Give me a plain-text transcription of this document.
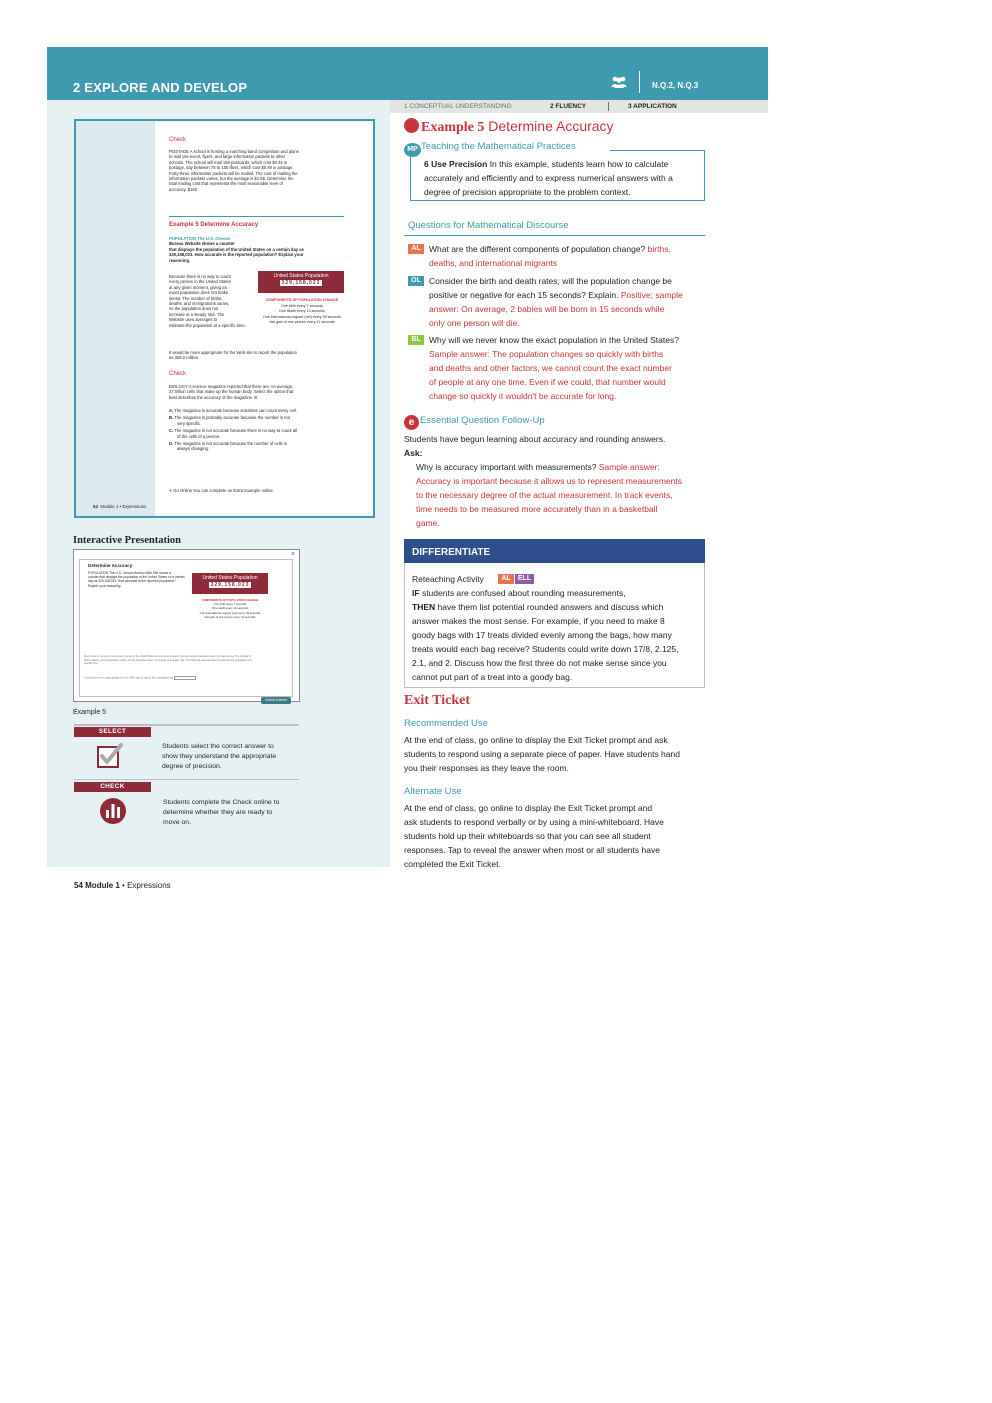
2 EXPLORE AND DEVELOP	N.Q.2, N.Q.3
1 CONCEPTUAL UNDERSTANDING	2 FLUENCY	3 APPLICATION
Check
POSTAGE A school is hosting a marching band competition and plans
to mail pre-event, flyers, and large information packets to other
schools. The school will mail 150 postcards, which cost $0.34 in
postage, say between 75 to 100 fliers, which cost $0.49 in postage.
Forty-three information packets will be mailed. The cost of mailing the
information packets varies, but the average is $1.55. Determine the
total mailing cost that represents the most reasonable level of
accuracy. $160
Example 5 Determine Accuracy
POPULATION The U.S. Census
Bureau Website shows a counter
that displays the population of the United States on a certain day as
329,158,023. How accurate is the reported population? Explain your
reasoning.
Because there is no way to count
every person in the United States
at any given moment, giving an
exact population does not make
sense. The number of births,
deaths, and immigrations varies,
so the population does not
increase at a steady rate. The
Website uses averages to
estimate the population at a specific time.
United States Population
329,158,023
COMPONENTS OF POPULATION CHANGE
One birth every 7 seconds
One death every 13 seconds
One international migrant (net) every 39 seconds
Net gain of one person every 11 seconds
It would be more appropriate for the Web site to report the population
as 329.2 million.
Check
BIOLOGY A science magazine reported that there are, on average,
37 trillion cells that make up the human body. Select the option that
best describes the accuracy of the magazine. B
A. The magazine is accurate because scientists can count every cell.
B. The magazine is probably accurate because the number is not
very specific.
C. The magazine is not accurate because there is no way to count all
of the cells of a person.
D. The magazine is not accurate because the number of cells is
always changing.
● Go Online You can complete an Extra Example online.
54 Module 1 • Expressions
Interactive Presentation
×
Determine Accuracy
POPULATION The U.S. Census Bureau Web Site shows a
counter that displays the population of the United States on a certain
day as 329,158,023. How accurate is the reported population?
Explain your reasoning.
United States Population
329,158,023
COMPONENTS OF POPULATION CHANGE
One birth every 7 seconds
One death every 13 seconds
One international migrant (net) every 39 seconds
Net gain of one person every 11 seconds
Since there is no way to count every person in the United States at any given moment, giving an exact population does not make sense. The number of
births, deaths, and immigrations varies, so the population does not change at a steady rate. The Web site uses averages to estimate the population at a
specific time.
It would be more appropriate for the Web site to report the population as
Check Answer
Example 5
SELECT
Students select the correct answer to
show they understand the appropriate
degree of precision.
CHECK
Students complete the Check online to
determine whether they are ready to
move on.
54 Module 1 • Expressions
Example 5 Determine Accuracy
MP Teaching the Mathematical Practices
6 Use Precision In this example, students learn how to calculate
accurately and efficiently and to express numerical answers with a
degree of precision appropriate to the problem context.
Questions for Mathematical Discourse
AL What are the different components of population change? births,
deaths, and international migrants
OL Consider the birth and death rates; will the population change be
positive or negative for each 15 seconds? Explain. Positive; sample
answer: On average, 2 babies will be born in 15 seconds while
only one person will die.
BL Why will we never know the exact population in the United States?
Sample answer: The population changes so quickly with births
and deaths and other factors, we cannot count the exact number
of people at any one time. Even if we could, that number would
change so quickly it wouldn't be accurate for long.
e Essential Question Follow-Up
Students have begun learning about accuracy and rounding answers.
Ask:
Why is accuracy important with measurements? Sample answer:
Accuracy is important because it allows us to represent measurements
to the necessary degree of the actual measurement. In track events,
time needs to be measured more accurately than in a basketball
game.
DIFFERENTIATE
Reteaching Activity	AL	ELL
IF students are confused about rounding measurements,
THEN have them list potential rounded answers and discuss which
answer makes the most sense. For example, if you need to make 8
goody bags with 17 treats divided evenly among the bags, how many
treats would each bag receive? Students could write down 17/8, 2.125,
2.1, and 2. Discuss how the first three do not make sense since you
cannot put part of a treat into a goody bag.
Exit Ticket
Recommended Use
At the end of class, go online to display the Exit Ticket prompt and ask
students to respond using a separate piece of paper. Have students hand
you their responses as they leave the room.
Alternate Use
At the end of class, go online to display the Exit Ticket prompt and
ask students to respond verbally or by using a mini-whiteboard. Have
students hold up their whiteboards so that you can see all student
responses. Tap to reveal the answer when most or all students have
completed the Exit Ticket.
